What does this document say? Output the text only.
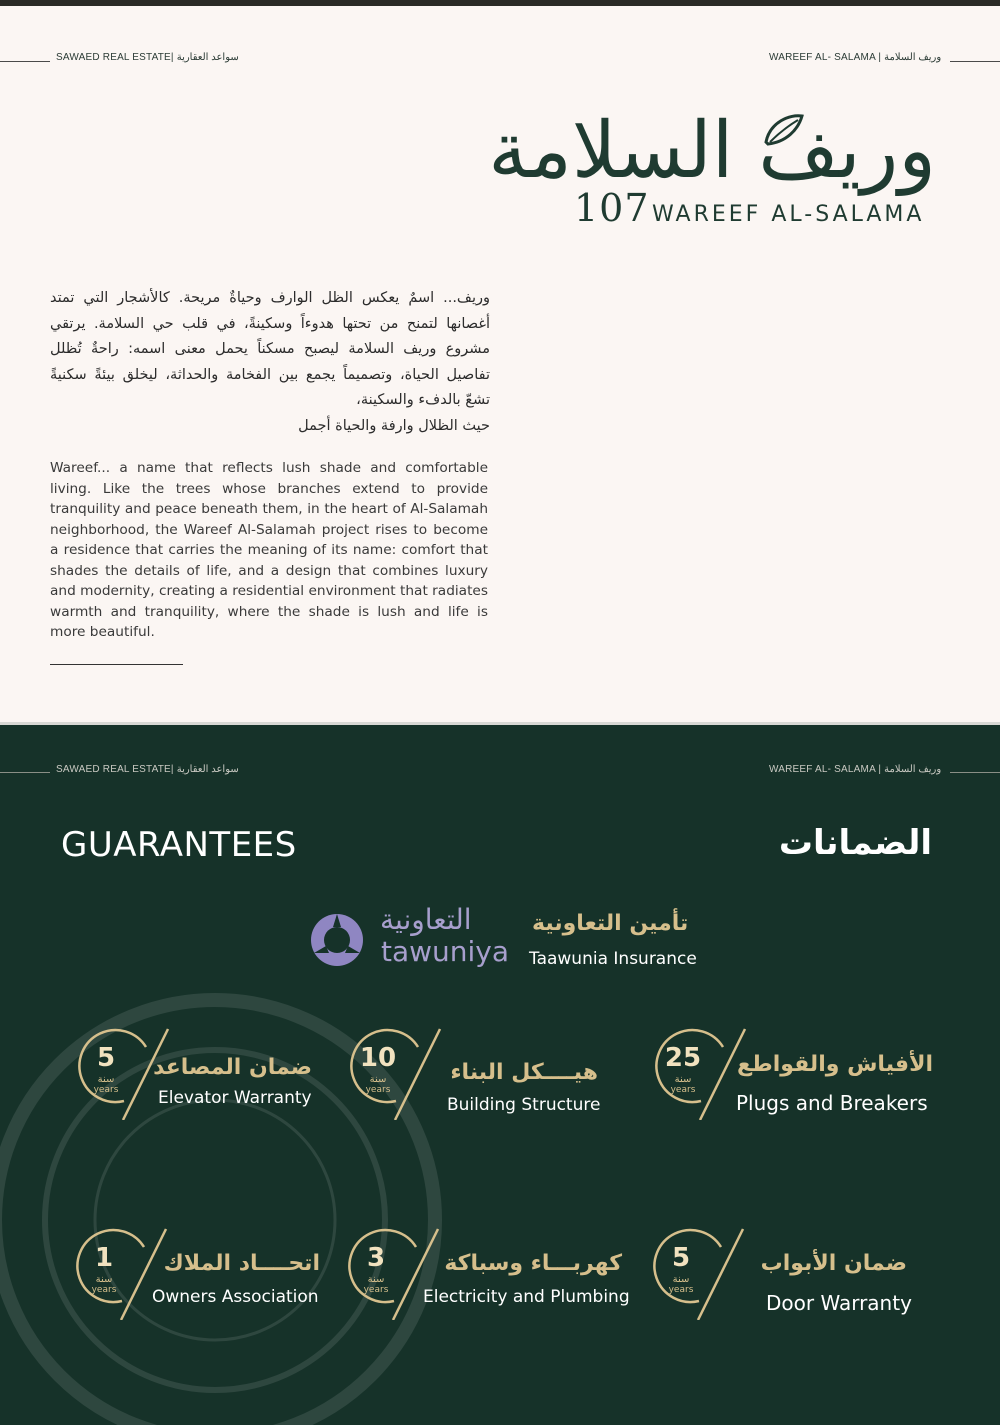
SAWAED REAL ESTATE| سواعد العقارية	WAREEF AL- SALAMA | وريف السلامة
وريف السلامة
107 WAREEF AL-SALAMA
وريف... اسمٌ يعكس الظل الوارف وحياةٌ مريحة. كالأشجار التي تمتد أغصانها لتمنح من تحتها هدوءاً وسكينةً، في قلب حي السلامة. يرتقي مشروع وريف السلامة ليصبح مسكناً يحمل معنى اسمه: راحةٌ تُظلل تفاصيل الحياة، وتصميماً يجمع بين الفخامة والحداثة، ليخلق بيئةً سكنيةً تشعّ بالدفء والسكينة،
حيث الظلال وارفة والحياة أجمل
Wareef... a name that reflects lush shade and comfortable living. Like the trees whose branches extend to provide tranquility and peace beneath them, in the heart of Al-Salamah neighborhood, the Wareef Al-Salamah project rises to become a residence that carries the meaning of its name: comfort that shades the details of life, and a design that combines luxury and modernity, creating a residential environment that radiates warmth and tranquility, where the shade is lush and life is more beautiful.
SAWAED REAL ESTATE| سواعد العقارية	WAREEF AL- SALAMA | وريف السلامة
GUARANTEES	الضمانات
التعاونية
tawuniya
تأمين التعاونية
Taawunia Insurance
5
سنة
years
ضمان المصاعد
Elevator Warranty
10
سنة
years
هيــــكل البناء
Building Structure
25
سنة
years
الأفياش والقواطع
Plugs and Breakers
1
سنة
years
اتحــــاد الملاك
Owners Association
3
سنة
years
كهربـــاء وسباكة
Electricity and Plumbing
5
سنة
years
ضمان الأبواب
Door Warranty
